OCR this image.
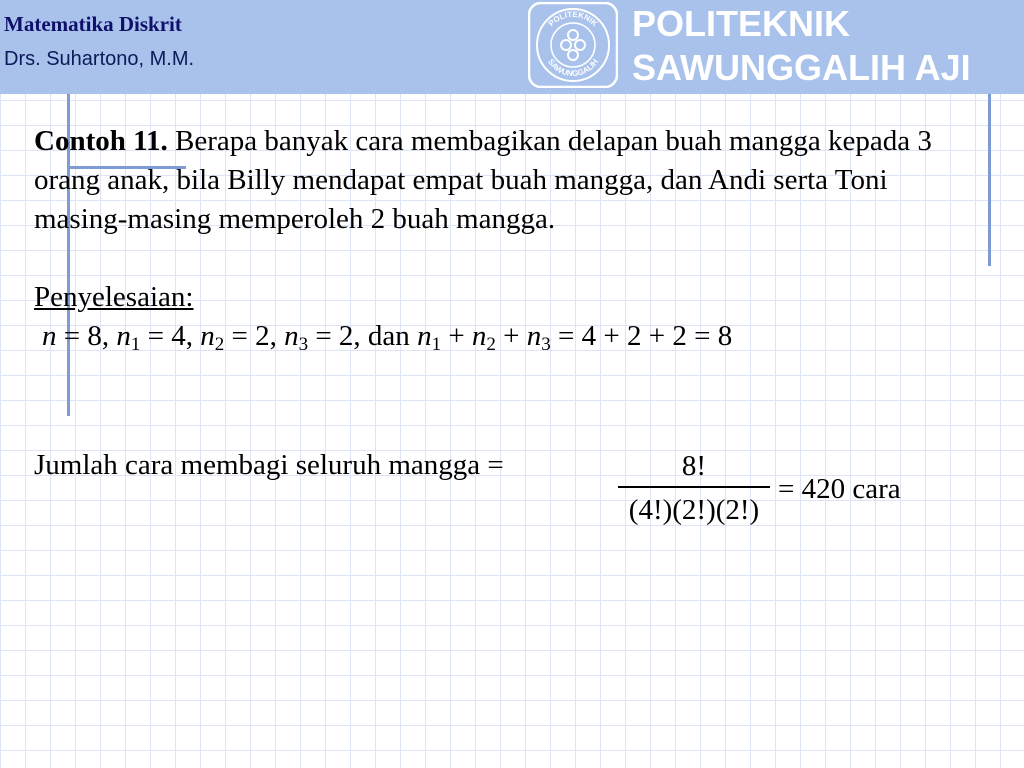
Matematika Diskrit
Drs. Suhartono, M.M.
POLITEKNIK
SAWUNGGALIH
POLITEKNIK
SAWUNGGALIH AJI

Contoh 11. Berapa banyak cara membagikan delapan buah mangga kepada 3 orang anak, bila Billy mendapat empat buah mangga, dan Andi serta Toni masing-masing memperoleh 2 buah mangga.

Penyelesaian:

n = 8, $n_1 = 4$, $n_2 = 2$, $n_3 = 2$, dan $n_1 + n_2 + n_3 = 4 + 2 + 2 = 8$

Jumlah cara membagi seluruh mangga =	8!
(4!)(2!)(2!)
= 420 cara
